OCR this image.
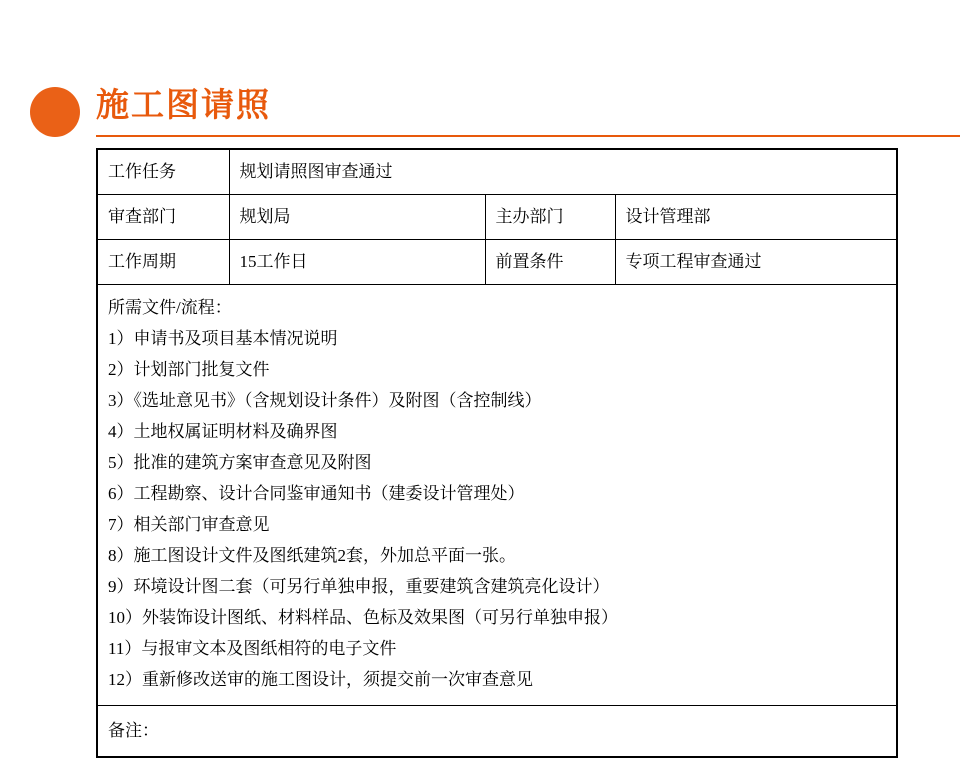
施工图请照
工作任务	规划请照图审查通过		
审查部门	规划局	主办部门	设计管理部
工作周期	15工作日	前置条件	专项工程审查通过

所需文件/流程：
1）申请书及项目基本情况说明
2）计划部门批复文件
3）《选址意见书》（含规划设计条件）及附图（含控制线）
4）土地权属证明材料及确界图
5）批准的建筑方案审查意见及附图
6）工程勘察、设计合同鉴审通知书（建委设计管理处）
7）相关部门审查意见
8）施工图设计文件及图纸建筑2套，外加总平面一张。
9）环境设计图二套（可另行单独申报，重要建筑含建筑亮化设计）
10）外装饰设计图纸、材料样品、色标及效果图（可另行单独申报）
11）与报审文本及图纸相符的电子文件
12）重新修改送审的施工图设计，须提交前一次审查意见

备注：			
